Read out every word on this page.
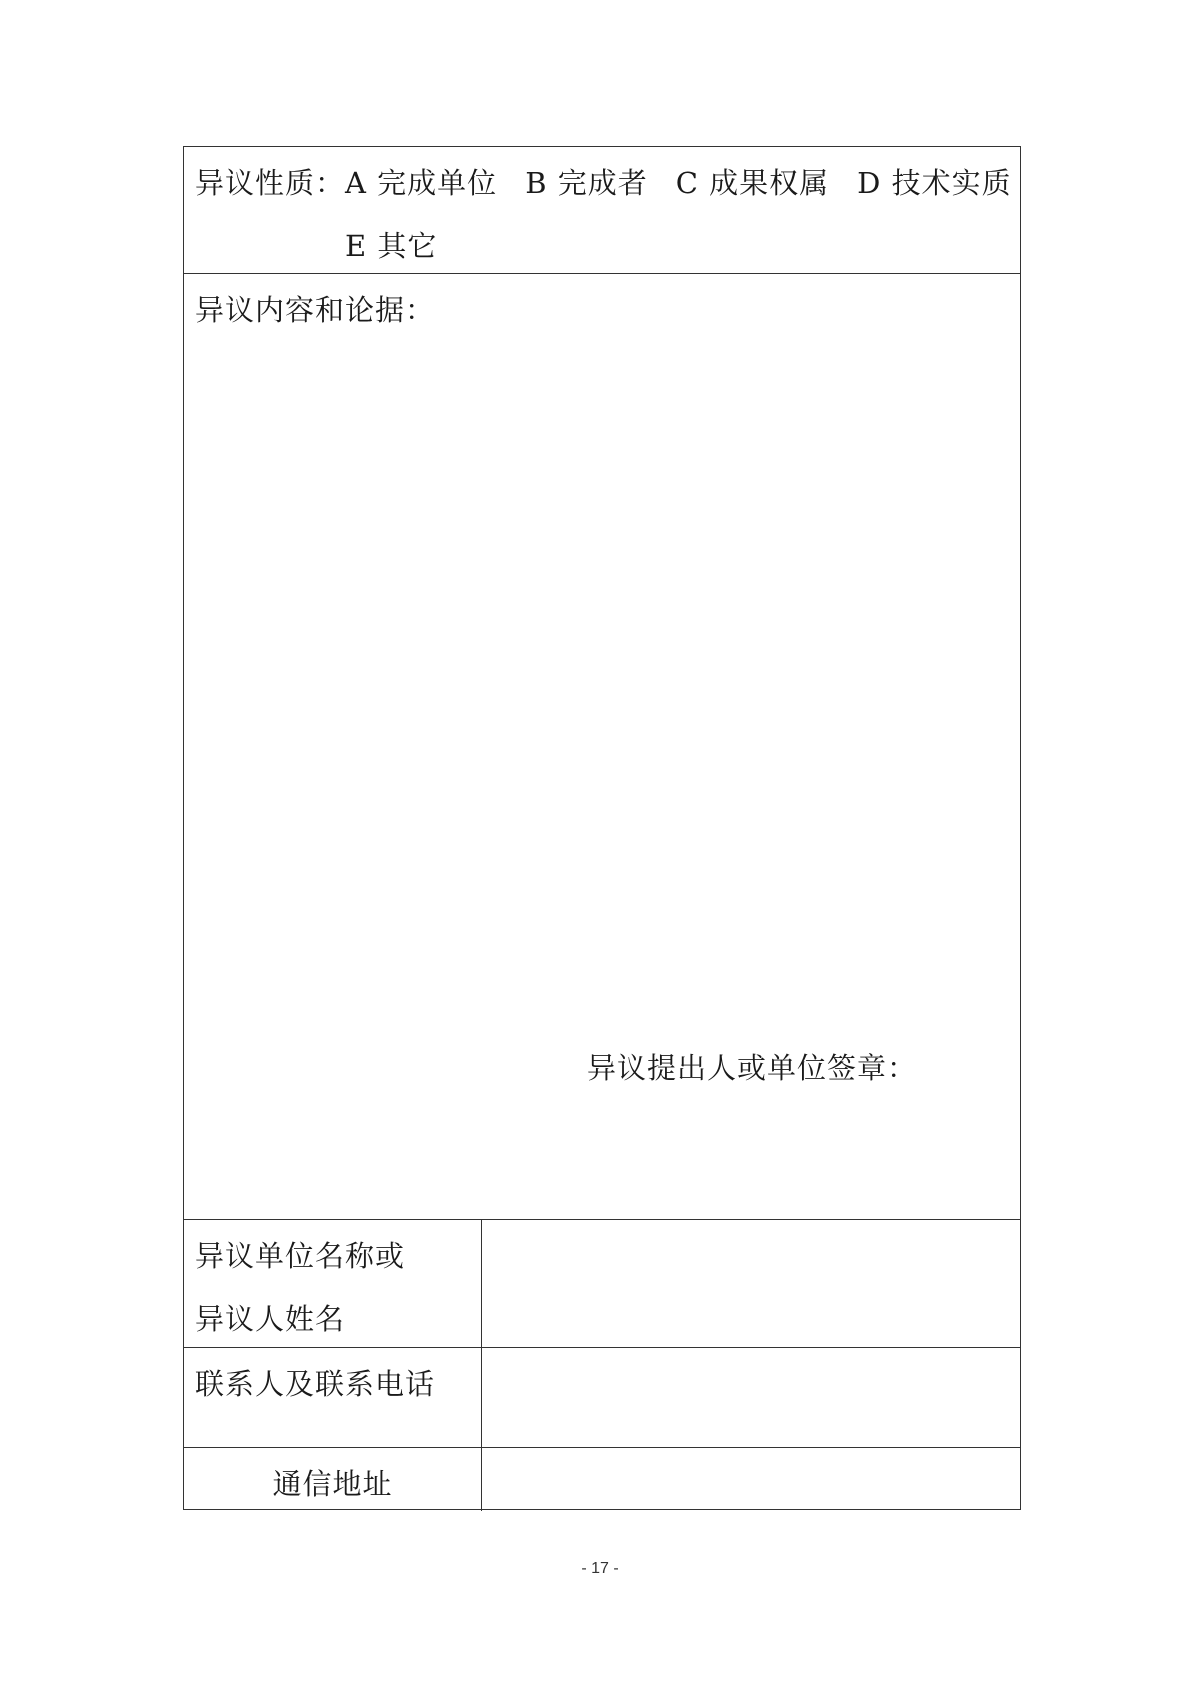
异议性质：A 完成单位 B 完成者 C 成果权属 D 技术实质
E 其它
异议内容和论据：
异议提出人或单位签章：
异议单位名称或
异议人姓名
联系人及联系电话
通信地址
- 17 -
